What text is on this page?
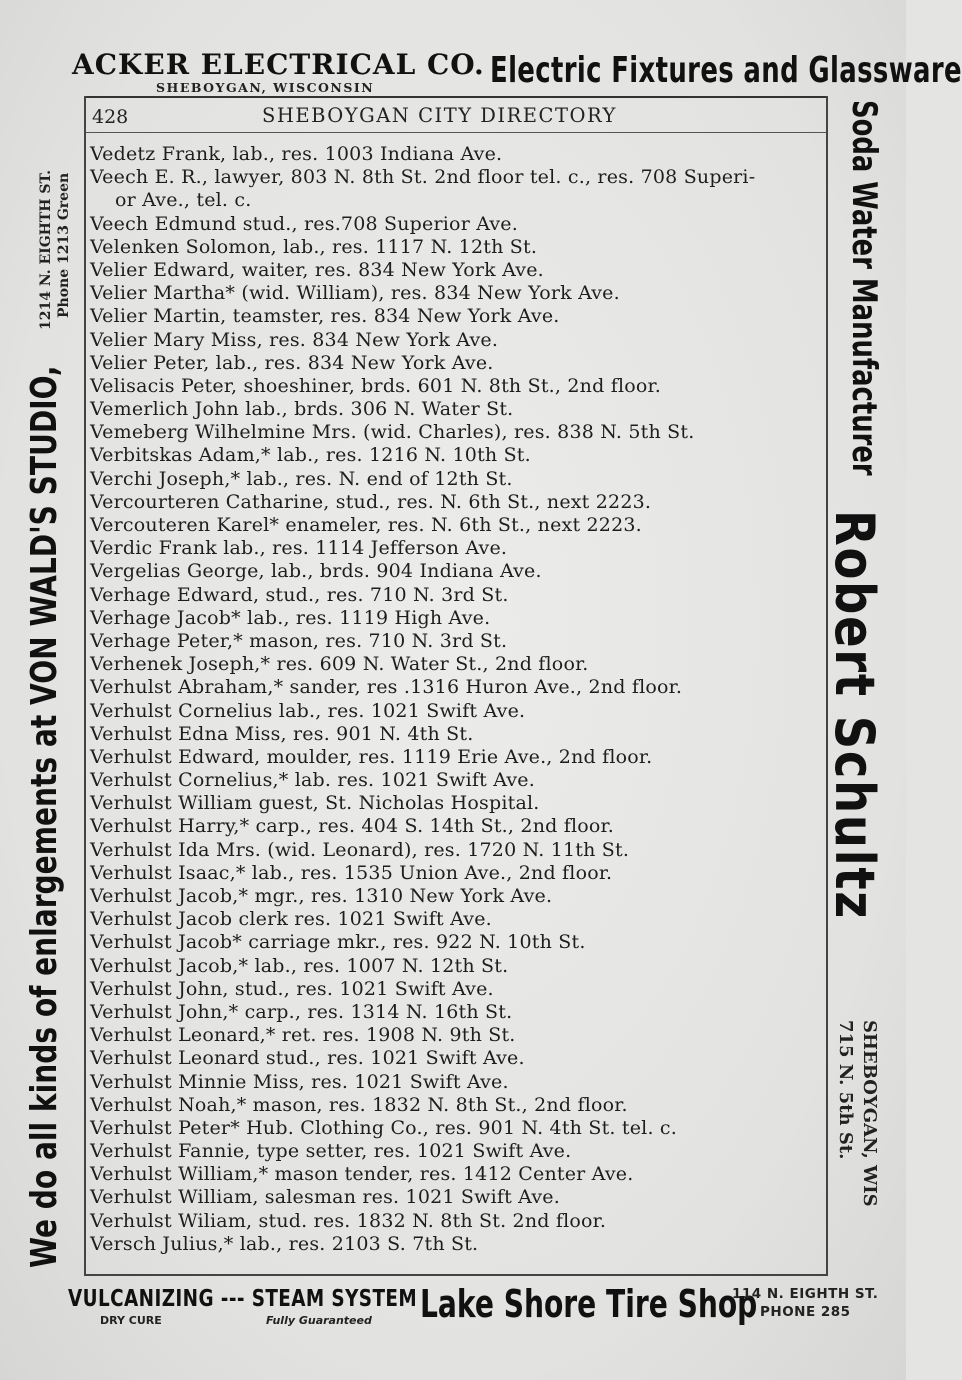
ACKER ELECTRICAL CO.
SHEBOYGAN, WISCONSIN	Electric Fixtures and Glassware
428	SHEBOYGAN CITY DIRECTORY
Vedetz Frank, lab., res. 1003 Indiana Ave.
Veech E. R., lawyer, 803 N. 8th St. 2nd floor tel. c., res. 708 Superi-
or Ave., tel. c.
Veech Edmund stud., res.708 Superior Ave.
Velenken Solomon, lab., res. 1117 N. 12th St.
Velier Edward, waiter, res. 834 New York Ave.
Velier Martha* (wid. William), res. 834 New York Ave.
Velier Martin, teamster, res. 834 New York Ave.
Velier Mary Miss, res. 834 New York Ave.
Velier Peter, lab., res. 834 New York Ave.
Velisacis Peter, shoeshiner, brds. 601 N. 8th St., 2nd floor.
Vemerlich John lab., brds. 306 N. Water St.
Vemeberg Wilhelmine Mrs. (wid. Charles), res. 838 N. 5th St.
Verbitskas Adam,* lab., res. 1216 N. 10th St.
Verchi Joseph,* lab., res. N. end of 12th St.
Vercourteren Catharine, stud., res. N. 6th St., next 2223.
Vercouteren Karel* enameler, res. N. 6th St., next 2223.
Verdic Frank lab., res. 1114 Jefferson Ave.
Vergelias George, lab., brds. 904 Indiana Ave.
Verhage Edward, stud., res. 710 N. 3rd St.
Verhage Jacob* lab., res. 1119 High Ave.
Verhage Peter,* mason, res. 710 N. 3rd St.
Verhenek Joseph,* res. 609 N. Water St., 2nd floor.
Verhulst Abraham,* sander, res .1316 Huron Ave., 2nd floor.
Verhulst Cornelius lab., res. 1021 Swift Ave.
Verhulst Edna Miss, res. 901 N. 4th St.
Verhulst Edward, moulder, res. 1119 Erie Ave., 2nd floor.
Verhulst Cornelius,* lab. res. 1021 Swift Ave.
Verhulst William guest, St. Nicholas Hospital.
Verhulst Harry,* carp., res. 404 S. 14th St., 2nd floor.
Verhulst Ida Mrs. (wid. Leonard), res. 1720 N. 11th St.
Verhulst Isaac,* lab., res. 1535 Union Ave., 2nd floor.
Verhulst Jacob,* mgr., res. 1310 New York Ave.
Verhulst Jacob clerk res. 1021 Swift Ave.
Verhulst Jacob* carriage mkr., res. 922 N. 10th St.
Verhulst Jacob,* lab., res. 1007 N. 12th St.
Verhulst John, stud., res. 1021 Swift Ave.
Verhulst John,* carp., res. 1314 N. 16th St.
Verhulst Leonard,* ret. res. 1908 N. 9th St.
Verhulst Leonard stud., res. 1021 Swift Ave.
Verhulst Minnie Miss, res. 1021 Swift Ave.
Verhulst Noah,* mason, res. 1832 N. 8th St., 2nd floor.
Verhulst Peter* Hub. Clothing Co., res. 901 N. 4th St. tel. c.
Verhulst Fannie, type setter, res. 1021 Swift Ave.
Verhulst William,* mason tender, res. 1412 Center Ave.
Verhulst William, salesman res. 1021 Swift Ave.
Verhulst Wiliam, stud. res. 1832 N. 8th St. 2nd floor.
Versch Julius,* lab., res. 2103 S. 7th St.
We do all kinds of enlargements at VON WALD'S STUDIO,
1214 N. EIGHTH ST. Phone 1213 Green	Soda Water Manufacturer
Robert Schultz
SHEBOYGAN, WIS
715 N. 5th St.
VULCANIZING --- STEAM SYSTEM
DRY CURE	Fully Guaranteed Lake Shore Tire Shop
114 N. EIGHTH ST.
PHONE 285
